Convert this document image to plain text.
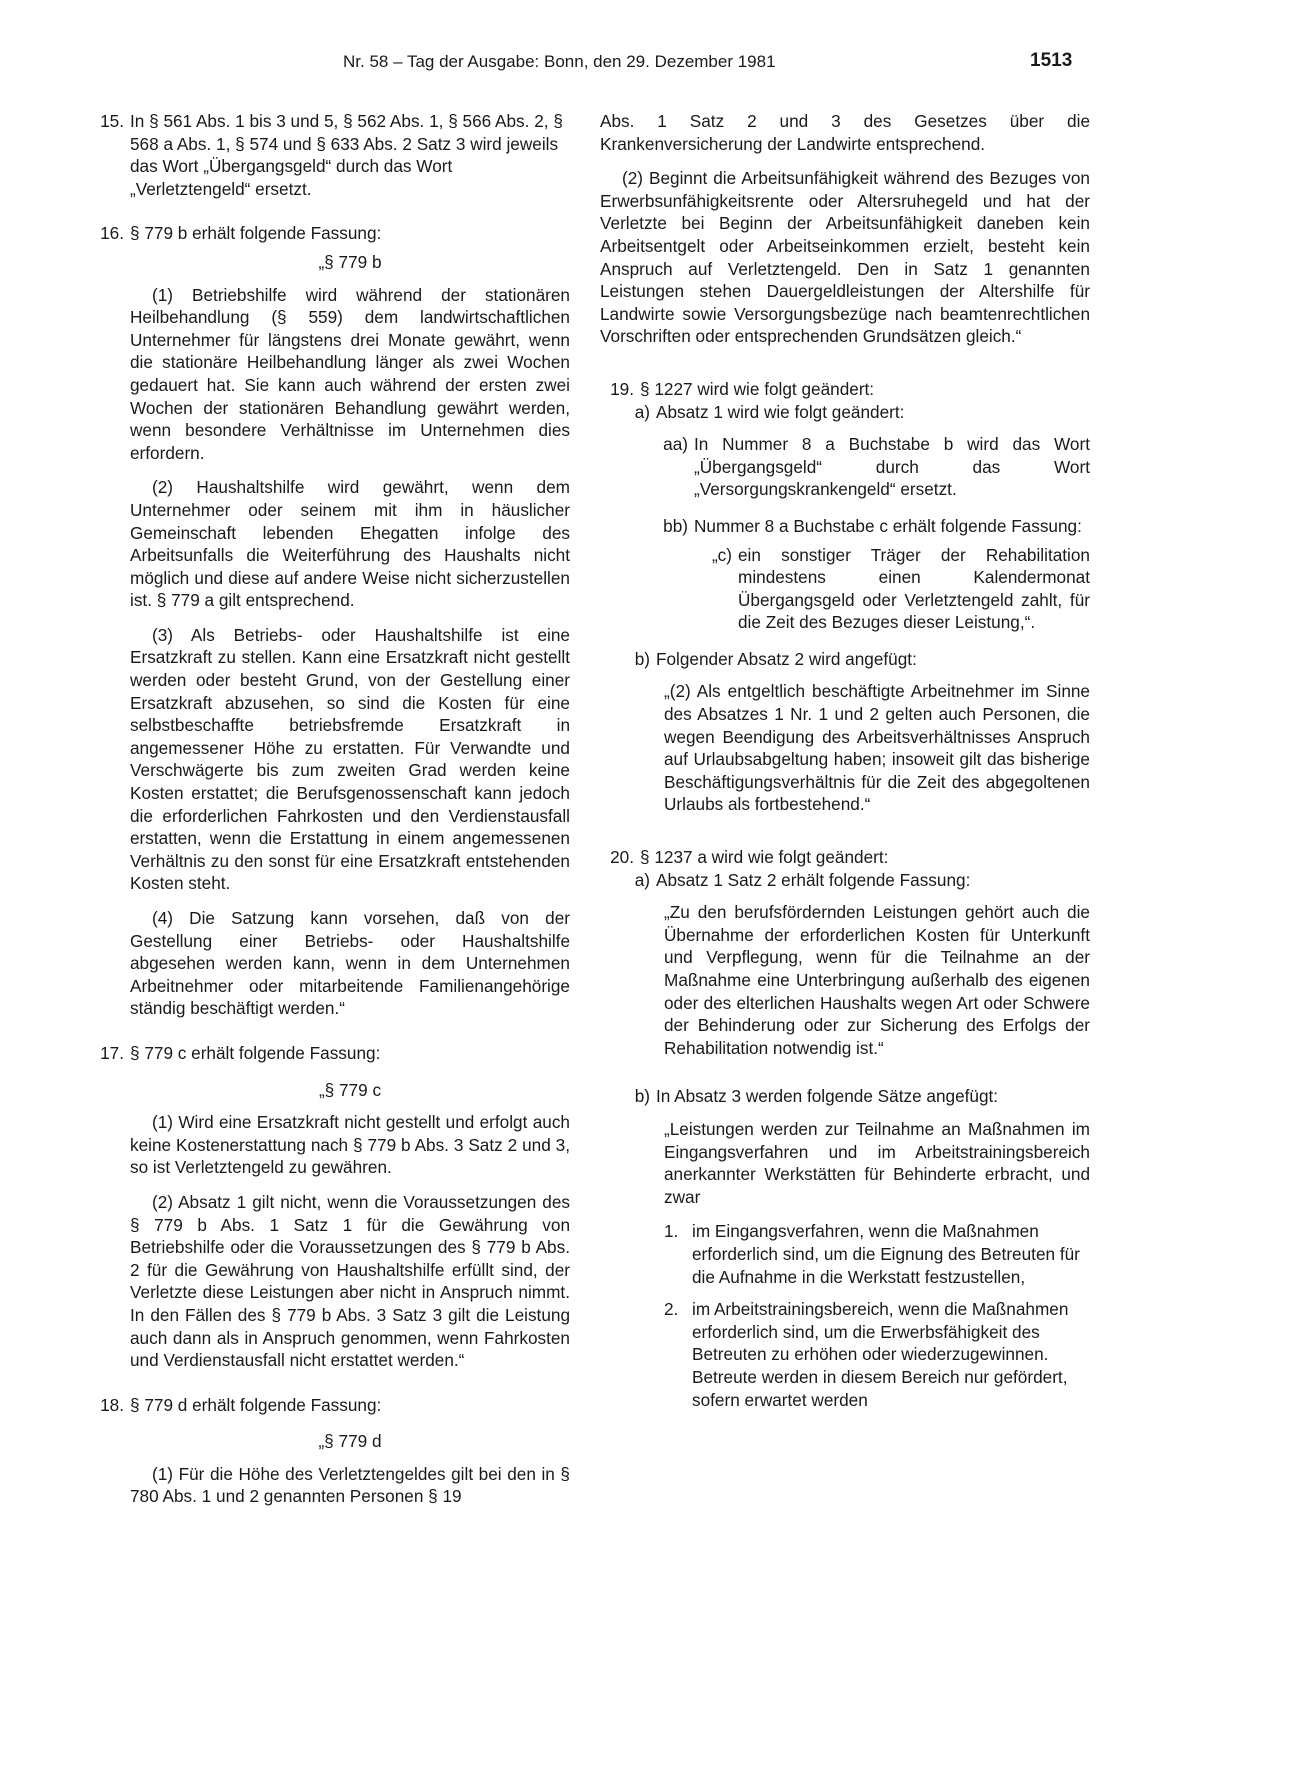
Nr. 58 – Tag der Ausgabe: Bonn, den 29. Dezember 1981	1513
15. In § 561 Abs. 1 bis 3 und 5, § 562 Abs. 1, § 566 Abs. 2, § 568 a Abs. 1, § 574 und § 633 Abs. 2 Satz 3 wird jeweils das Wort „Übergangsgeld“ durch das Wort „Verletztengeld“ ersetzt.
16. § 779 b erhält folgende Fassung:
„§ 779 b

(1) Betriebshilfe wird während der stationären Heilbehandlung (§ 559) dem landwirtschaftlichen Unternehmer für längstens drei Monate gewährt, wenn die stationäre Heilbehandlung länger als zwei Wochen gedauert hat. Sie kann auch während der ersten zwei Wochen der stationären Behandlung gewährt werden, wenn besondere Verhältnisse im Unternehmen dies erfordern.

(2) Haushaltshilfe wird gewährt, wenn dem Unternehmer oder seinem mit ihm in häuslicher Gemeinschaft lebenden Ehegatten infolge des Arbeitsunfalls die Weiterführung des Haushalts nicht möglich und diese auf andere Weise nicht sicherzustellen ist. § 779 a gilt entsprechend.

(3) Als Betriebs- oder Haushaltshilfe ist eine Ersatzkraft zu stellen. Kann eine Ersatzkraft nicht gestellt werden oder besteht Grund, von der Gestellung einer Ersatzkraft abzusehen, so sind die Kosten für eine selbstbeschaffte betriebsfremde Ersatzkraft in angemessener Höhe zu erstatten. Für Verwandte und Verschwägerte bis zum zweiten Grad werden keine Kosten erstattet; die Berufsgenossenschaft kann jedoch die erforderlichen Fahrkosten und den Verdienstausfall erstatten, wenn die Erstattung in einem angemessenen Verhältnis zu den sonst für eine Ersatzkraft entstehenden Kosten steht.

(4) Die Satzung kann vorsehen, daß von der Gestellung einer Betriebs- oder Haushaltshilfe abgesehen werden kann, wenn in dem Unternehmen Arbeitnehmer oder mitarbeitende Familienangehörige ständig beschäftigt werden.“

17. § 779 c erhält folgende Fassung:
„§ 779 c

(1) Wird eine Ersatzkraft nicht gestellt und erfolgt auch keine Kostenerstattung nach § 779 b Abs. 3 Satz 2 und 3, so ist Verletztengeld zu gewähren.

(2) Absatz 1 gilt nicht, wenn die Voraussetzungen des § 779 b Abs. 1 Satz 1 für die Gewährung von Betriebshilfe oder die Voraussetzungen des § 779 b Abs. 2 für die Gewährung von Haushaltshilfe erfüllt sind, der Verletzte diese Leistungen aber nicht in Anspruch nimmt. In den Fällen des § 779 b Abs. 3 Satz 3 gilt die Leistung auch dann als in Anspruch genommen, wenn Fahrkosten und Verdienstausfall nicht erstattet werden.“

18. § 779 d erhält folgende Fassung:
„§ 779 d

(1) Für die Höhe des Verletztengeldes gilt bei den in § 780 Abs. 1 und 2 genannten Personen § 19

Abs. 1 Satz 2 und 3 des Gesetzes über die Krankenversicherung der Landwirte entsprechend.

(2) Beginnt die Arbeitsunfähigkeit während des Bezuges von Erwerbsunfähigkeitsrente oder Altersruhegeld und hat der Verletzte bei Beginn der Arbeitsunfähigkeit daneben kein Arbeitsentgelt oder Arbeitseinkommen erzielt, besteht kein Anspruch auf Verletztengeld. Den in Satz 1 genannten Leistungen stehen Dauergeldleistungen der Altershilfe für Landwirte sowie Versorgungsbezüge nach beamtenrechtlichen Vorschriften oder entsprechenden Grundsätzen gleich.“

19. § 1227 wird wie folgt geändert:
a) Absatz 1 wird wie folgt geändert:
aa) In Nummer 8 a Buchstabe b wird das Wort „Übergangsgeld“ durch das Wort „Versorgungskrankengeld“ ersetzt.
bb) Nummer 8 a Buchstabe c erhält folgende Fassung:
„c) ein sonstiger Träger der Rehabilitation mindestens einen Kalendermonat Übergangsgeld oder Verletztengeld zahlt, für die Zeit des Bezuges dieser Leistung,“.
b) Folgender Absatz 2 wird angefügt:

„(2) Als entgeltlich beschäftigte Arbeitnehmer im Sinne des Absatzes 1 Nr. 1 und 2 gelten auch Personen, die wegen Beendigung des Arbeitsverhältnisses Anspruch auf Urlaubsabgeltung haben; insoweit gilt das bisherige Beschäftigungsverhältnis für die Zeit des abgegoltenen Urlaubs als fortbestehend.“

20. § 1237 a wird wie folgt geändert:
a) Absatz 1 Satz 2 erhält folgende Fassung:

„Zu den berufsfördernden Leistungen gehört auch die Übernahme der erforderlichen Kosten für Unterkunft und Verpflegung, wenn für die Teilnahme an der Maßnahme eine Unterbringung außerhalb des eigenen oder des elterlichen Haushalts wegen Art oder Schwere der Behinderung oder zur Sicherung des Erfolgs der Rehabilitation notwendig ist.“

b) In Absatz 3 werden folgende Sätze angefügt:

„Leistungen werden zur Teilnahme an Maßnahmen im Eingangsverfahren und im Arbeitstrainingsbereich anerkannter Werkstätten für Behinderte erbracht, und zwar

1. im Eingangsverfahren, wenn die Maßnahmen erforderlich sind, um die Eignung des Betreuten für die Aufnahme in die Werkstatt festzustellen,
2. im Arbeitstrainingsbereich, wenn die Maßnahmen erforderlich sind, um die Erwerbsfähigkeit des Betreuten zu erhöhen oder wiederzugewinnen. Betreute werden in diesem Bereich nur gefördert, sofern erwartet werden
